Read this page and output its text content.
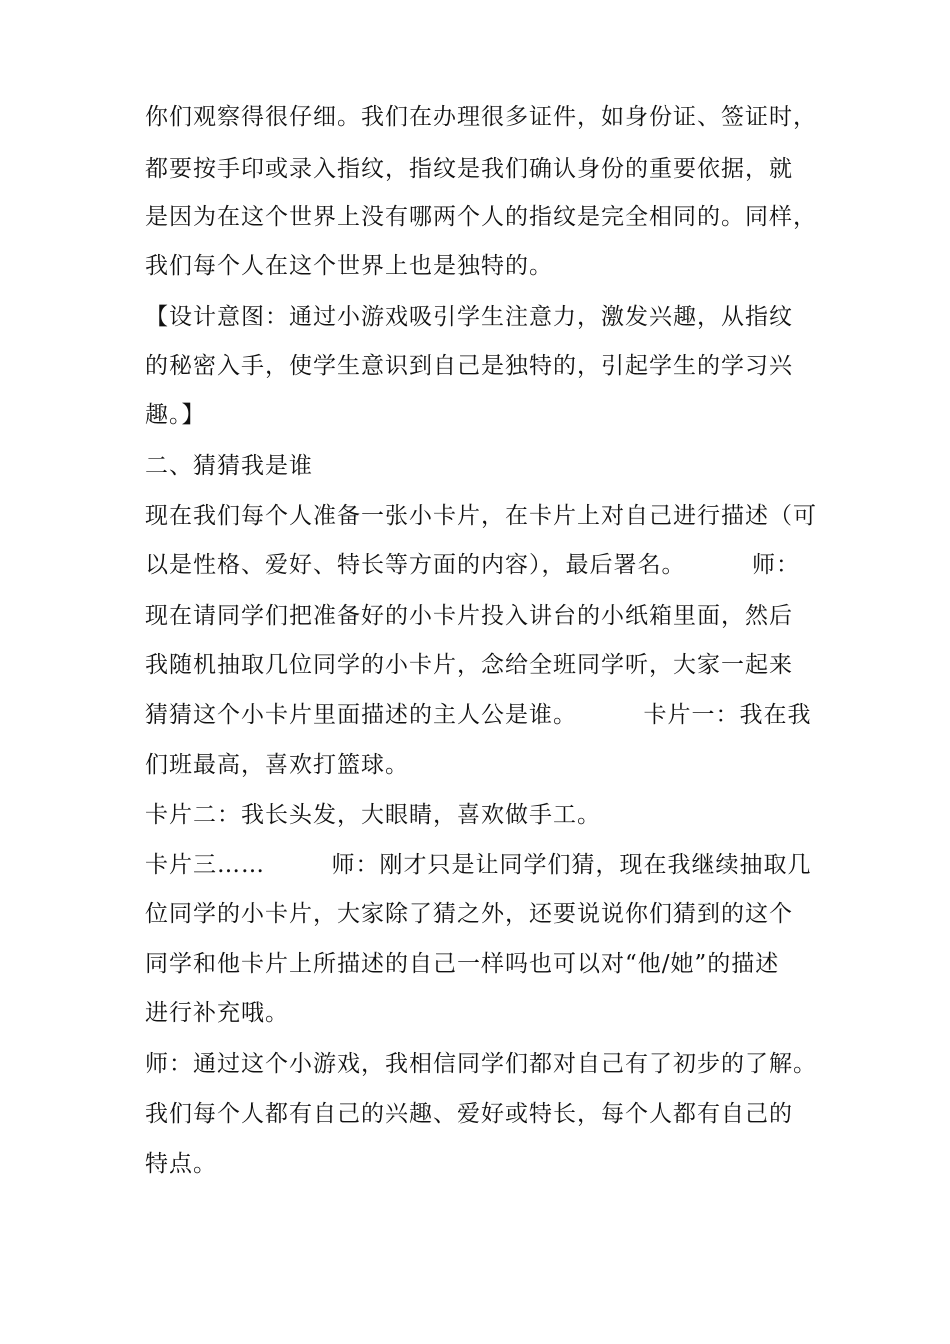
你们观察得很仔细。我们在办理很多证件，如身份证、签证时，
都要按手印或录入指纹，指纹是我们确认身份的重要依据，就
是因为在这个世界上没有哪两个人的指纹是完全相同的。同样，
我们每个人在这个世界上也是独特的。
【设计意图：通过小游戏吸引学生注意力，激发兴趣，从指纹
的秘密入手，使学生意识到自己是独特的，引起学生的学习兴
趣。】
二、猜猜我是谁
现在我们每个人准备一张小卡片，在卡片上对自己进行描述（可
以是性格、爱好、特长等方面的内容），最后署名。        师：
现在请同学们把准备好的小卡片投入讲台的小纸箱里面，然后
我随机抽取几位同学的小卡片，念给全班同学听，大家一起来
猜猜这个小卡片里面描述的主人公是谁。        卡片一：我在我
们班最高，喜欢打篮球。
卡片二：我长头发，大眼睛，喜欢做手工。
卡片三……        师：刚才只是让同学们猜，现在我继续抽取几
位同学的小卡片，大家除了猜之外，还要说说你们猜到的这个
同学和他卡片上所描述的自己一样吗也可以对“他/她”的描述
进行补充哦。
师：通过这个小游戏，我相信同学们都对自己有了初步的了解。
我们每个人都有自己的兴趣、爱好或特长，每个人都有自己的
特点。
